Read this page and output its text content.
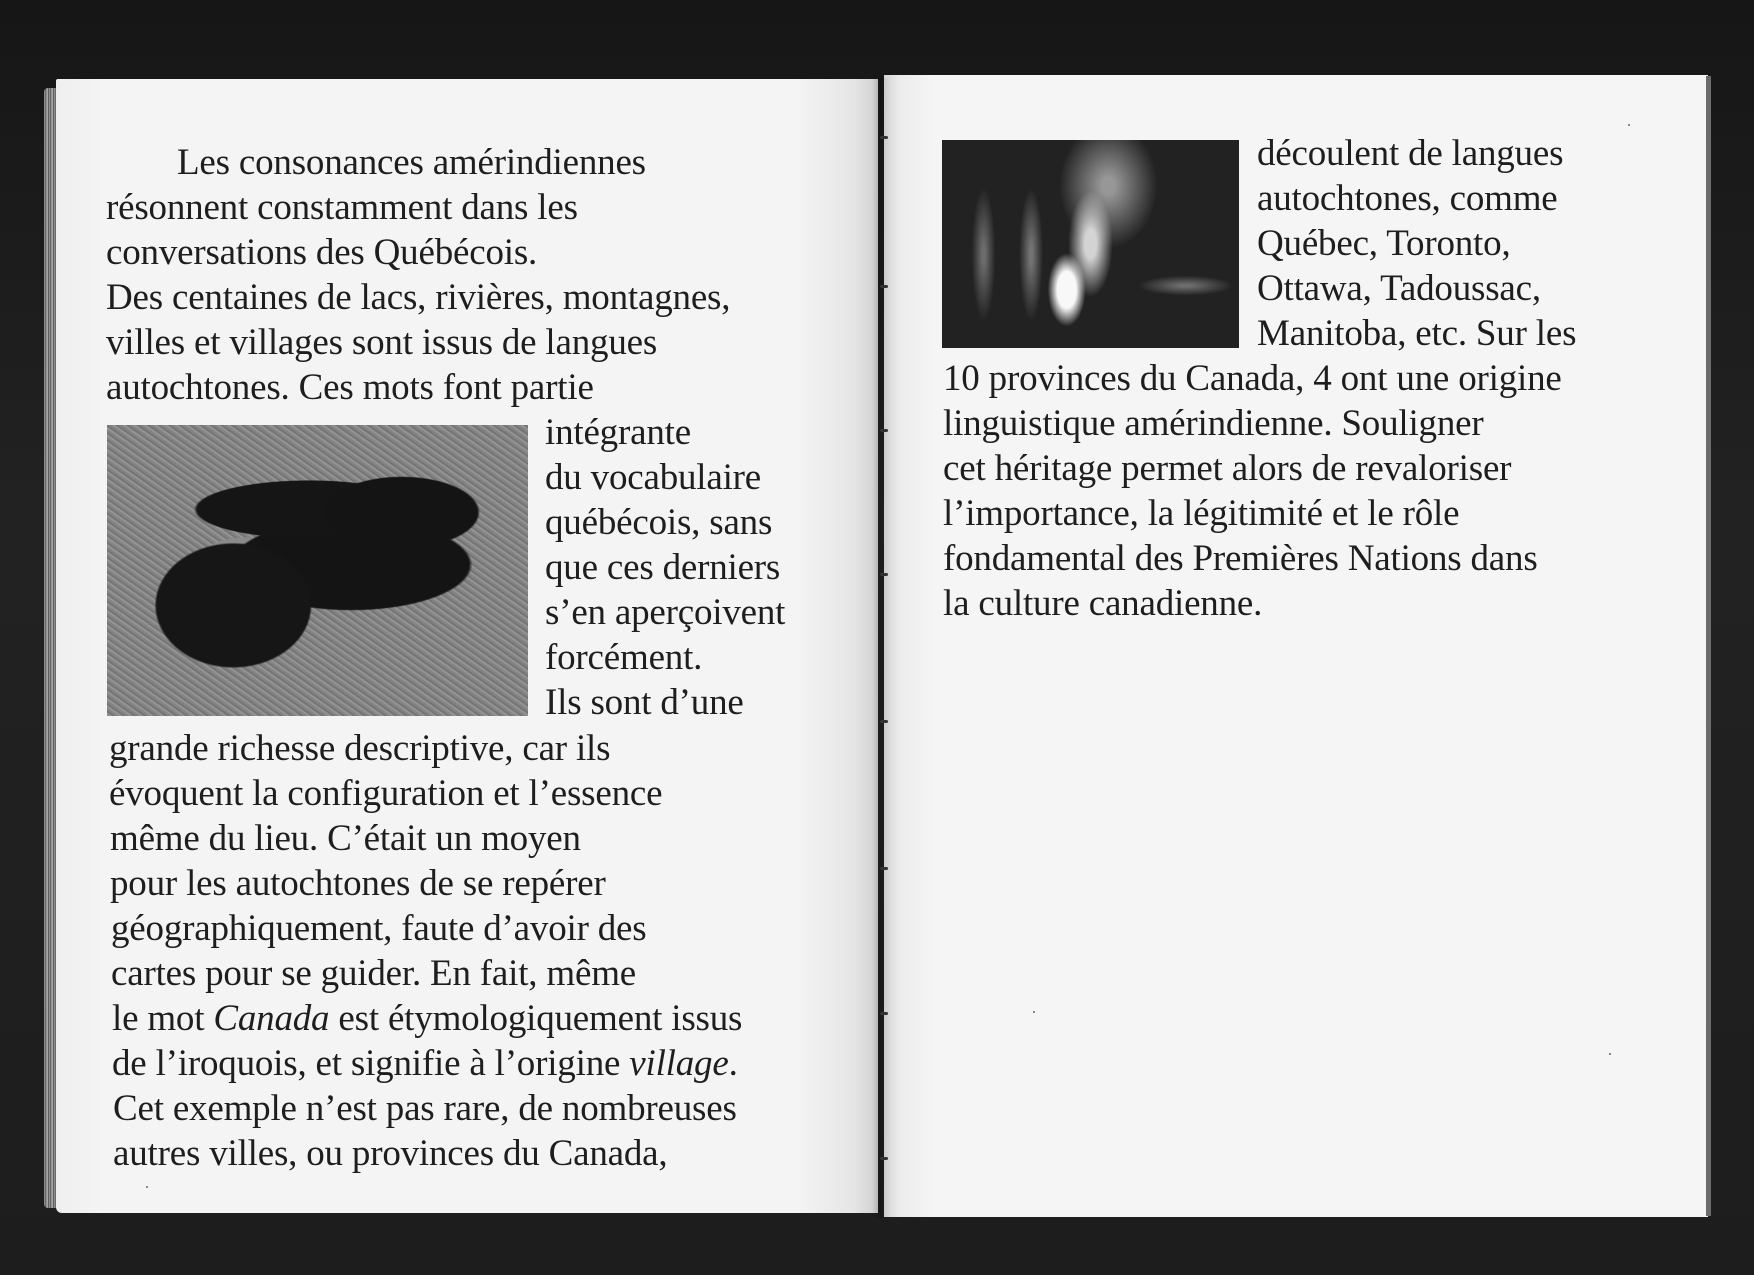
Les consonances amérindiennes
résonnent constamment dans les
conversations des Québécois.
Des centaines de lacs, rivières, montagnes,
villes et villages sont issus de langues
autochtones. Ces mots font partie
intégrante
du vocabulaire
québécois, sans
que ces derniers
s’en aperçoivent
forcément.
Ils sont d’une
grande richesse descriptive, car ils
évoquent la configuration et l’essence
même du lieu. C’était un moyen
pour les autochtones de se repérer
géographiquement, faute d’avoir des
cartes pour se guider. En fait, même
le mot Canada est étymologiquement issus
de l’iroquois, et signifie à l’origine village.
Cet exemple n’est pas rare, de nombreuses
autres villes, ou provinces du Canada,
découlent de langues
autochtones, comme
Québec, Toronto,
Ottawa, Tadoussac,
Manitoba, etc. Sur les
10 provinces du Canada, 4 ont une origine
linguistique amérindienne. Souligner
cet héritage permet alors de revaloriser
l’importance, la légitimité et le rôle
fondamental des Premières Nations dans
la culture canadienne.
